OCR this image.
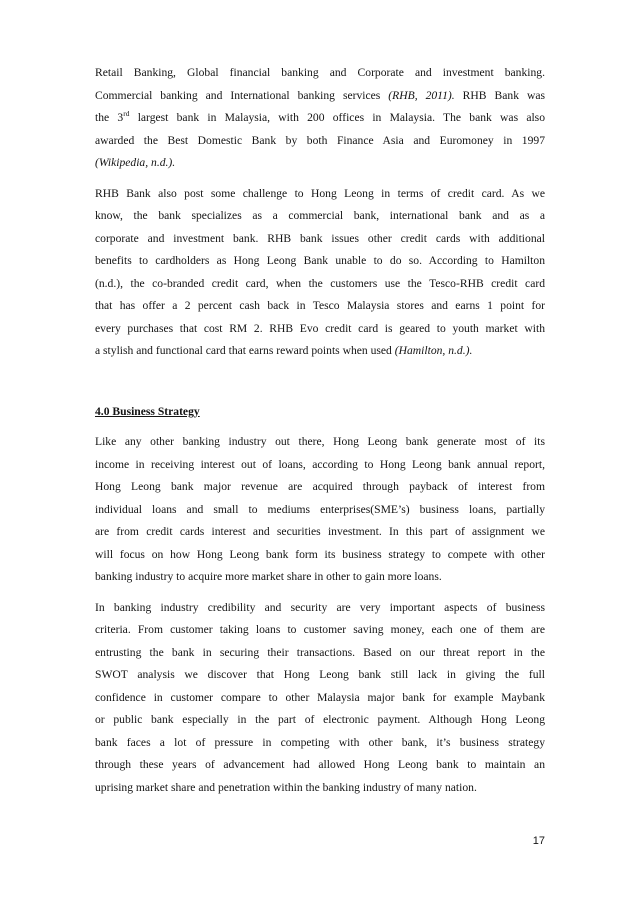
Retail Banking, Global financial banking and Corporate and investment banking.
Commercial banking and International banking services (RHB, 2011). RHB Bank was
the 3rd largest bank in Malaysia, with 200 offices in Malaysia. The bank was also
awarded the Best Domestic Bank by both Finance Asia and Euromoney in 1997
(Wikipedia, n.d.).
RHB Bank also post some challenge to Hong Leong in terms of credit card. As we
know, the bank specializes as a commercial bank, international bank and as a
corporate and investment bank. RHB bank issues other credit cards with additional
benefits to cardholders as Hong Leong Bank unable to do so. According to Hamilton
(n.d.), the co-branded credit card, when the customers use the Tesco-RHB credit card
that has offer a 2 percent cash back in Tesco Malaysia stores and earns 1 point for
every purchases that cost RM 2. RHB Evo credit card is geared to youth market with
a stylish and functional card that earns reward points when used (Hamilton, n.d.).
4.0 Business Strategy
Like any other banking industry out there, Hong Leong bank generate most of its
income in receiving interest out of loans, according to Hong Leong bank annual report,
Hong Leong bank major revenue are acquired through payback of interest from
individual loans and small to mediums enterprises(SME’s) business loans, partially
are from credit cards interest and securities investment. In this part of assignment we
will focus on how Hong Leong bank form its business strategy to compete with other
banking industry to acquire more market share in other to gain more loans.
In banking industry credibility and security are very important aspects of business
criteria. From customer taking loans to customer saving money, each one of them are
entrusting the bank in securing their transactions. Based on our threat report in the
SWOT analysis we discover that Hong Leong bank still lack in giving the full
confidence in customer compare to other Malaysia major bank for example Maybank
or public bank especially in the part of electronic payment. Although Hong Leong
bank faces a lot of pressure in competing with other bank, it’s business strategy
through these years of advancement had allowed Hong Leong bank to maintain an
uprising market share and penetration within the banking industry of many nation.
17
